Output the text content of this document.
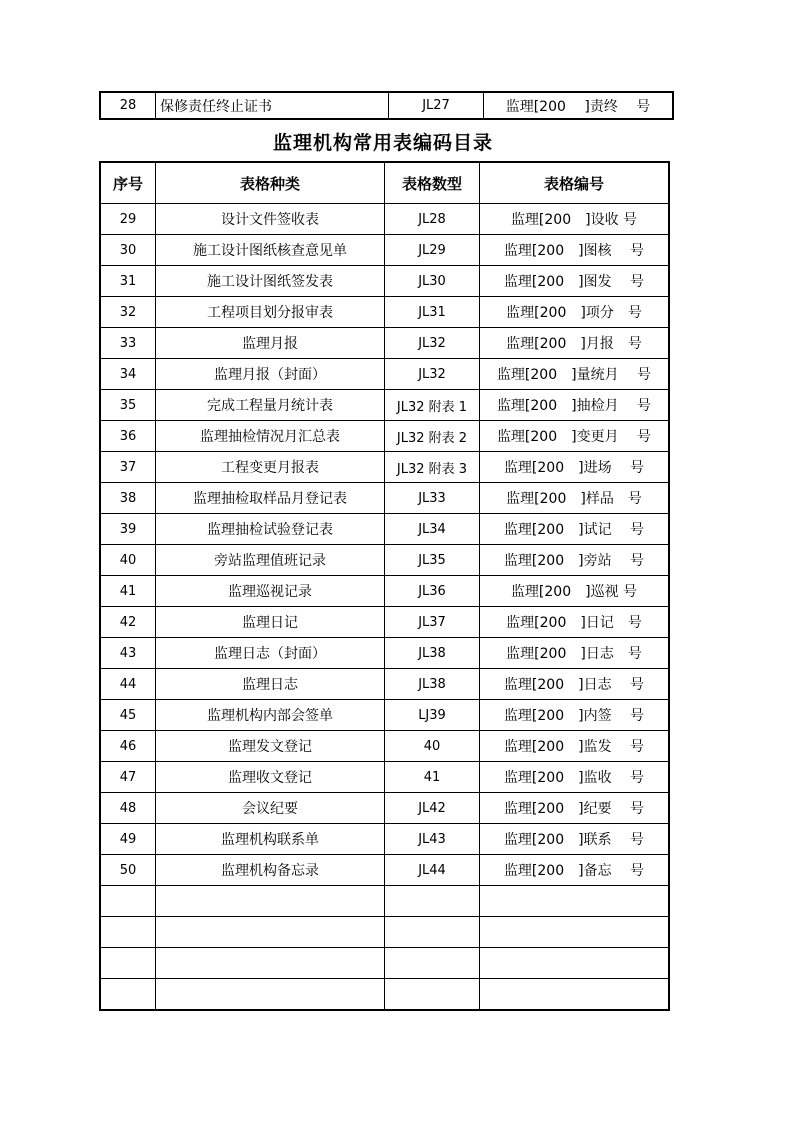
28	保修责任终止证书	JL27	监理[200　 ]责终　 号
监理机构常用表编码目录
序号	表格种类	表格数型	表格编号
29	设计文件签收表	JL28	监理[200　]设收 号
30	施工设计图纸核查意见单	JL29	监理[200　]图核　 号
31	施工设计图纸签发表	JL30	监理[200　]图发　 号
32	工程项目划分报审表	JL31	监理[200　]项分　号
33	监理月报	JL32	监理[200　]月报　号
34	监理月报（封面）	JL32	监理[200　]量统月　 号
35	完成工程量月统计表	JL32 附表 1	监理[200　]抽检月　 号
36	监理抽检情况月汇总表	JL32 附表 2	监理[200　]变更月　 号
37	工程变更月报表	JL32 附表 3	监理[200　]进场　 号
38	监理抽检取样品月登记表	JL33	监理[200　]样品　号
39	监理抽检试验登记表	JL34	监理[200　]试记　 号
40	旁站监理值班记录	JL35	监理[200　]旁站　 号
41	监理巡视记录	JL36	监理[200　]巡视 号
42	监理日记	JL37	监理[200　]日记　号
43	监理日志（封面）	JL38	监理[200　]日志　号
44	监理日志	JL38	监理[200　]日志　 号
45	监理机构内部会签单	LJ39	监理[200　]内签　 号
46	监理发文登记	40	监理[200　]监发　 号
47	监理收文登记	41	监理[200　]监收　 号
48	会议纪要	JL42	监理[200　]纪要　 号
49	监理机构联系单	JL43	监理[200　]联系　 号
50	监理机构备忘录	JL44	监理[200　]备忘　 号
